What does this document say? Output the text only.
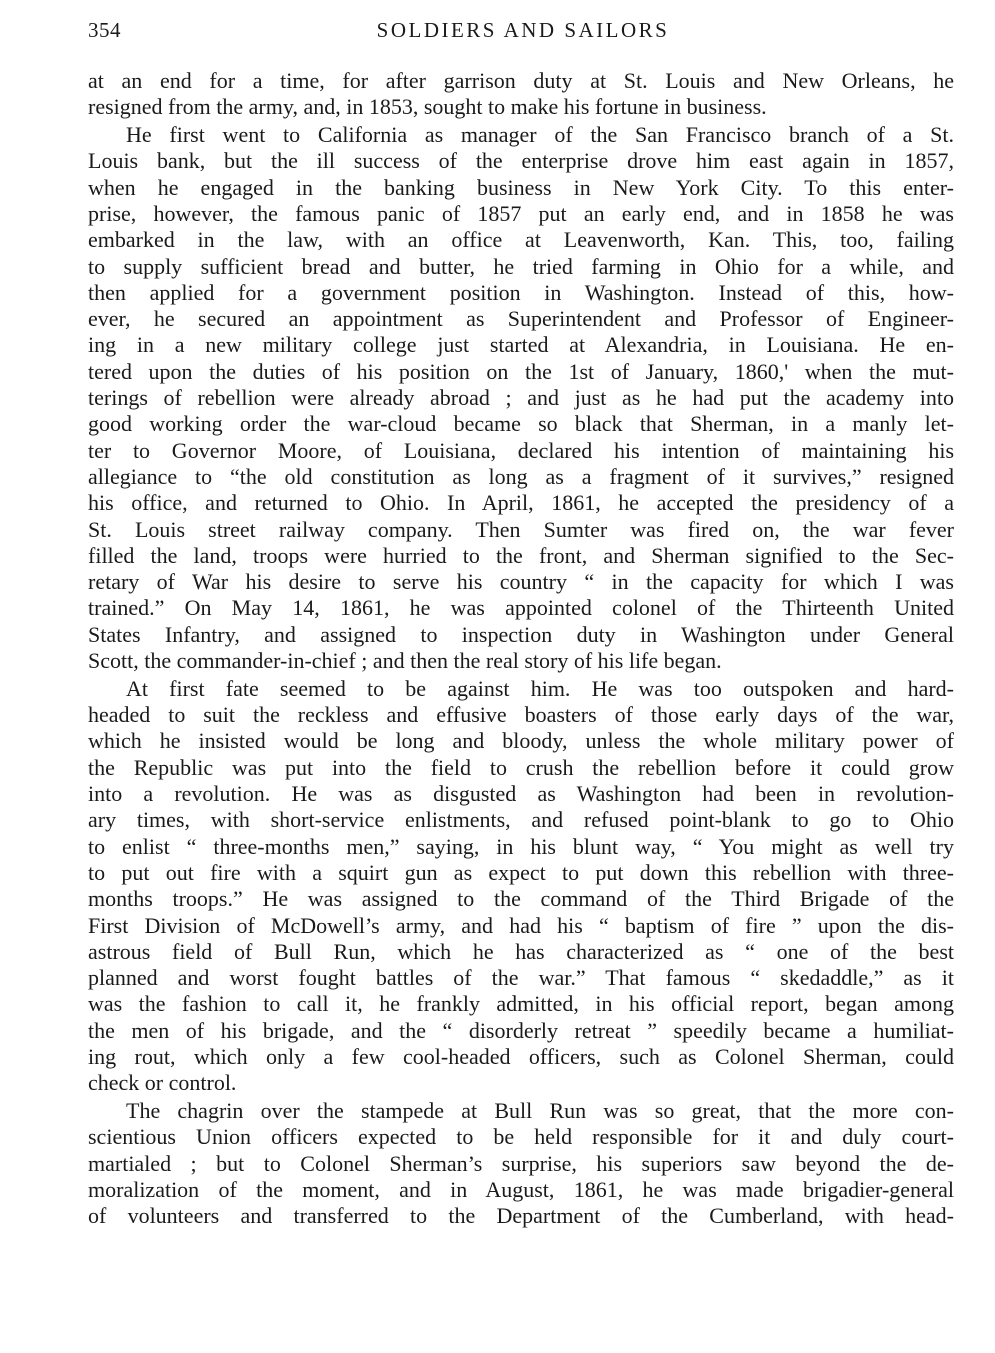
354	SOLDIERS AND SAILORS
at an end for a time, for after garrison duty at St. Louis and New Orleans, he
resigned from the army, and, in 1853, sought to make his fortune in business.
He first went to California as manager of the San Francisco branch of a St.
Louis bank, but the ill success of the enterprise drove him east again in 1857,
when he engaged in the banking business in New York City. To this enter-
prise, however, the famous panic of 1857 put an early end, and in 1858 he was
embarked in the law, with an office at Leavenworth, Kan. This, too, failing
to supply sufficient bread and butter, he tried farming in Ohio for a while, and
then applied for a government position in Washington. Instead of this, how-
ever, he secured an appointment as Superintendent and Professor of Engineer-
ing in a new military college just started at Alexandria, in Louisiana. He en-
tered upon the duties of his position on the 1st of January, 1860,' when the mut-
terings of rebellion were already abroad ; and just as he had put the academy into
good working order the war-cloud became so black that Sherman, in a manly let-
ter to Governor Moore, of Louisiana, declared his intention of maintaining his
allegiance to “the old constitution as long as a fragment of it survives,” resigned
his office, and returned to Ohio. In April, 1861, he accepted the presidency of a
St. Louis street railway company. Then Sumter was fired on, the war fever
filled the land, troops were hurried to the front, and Sherman signified to the Sec-
retary of War his desire to serve his country “ in the capacity for which I was
trained.” On May 14, 1861, he was appointed colonel of the Thirteenth United
States Infantry, and assigned to inspection duty in Washington under General
Scott, the commander-in-chief ; and then the real story of his life began.
At first fate seemed to be against him. He was too outspoken and hard-
headed to suit the reckless and effusive boasters of those early days of the war,
which he insisted would be long and bloody, unless the whole military power of
the Republic was put into the field to crush the rebellion before it could grow
into a revolution. He was as disgusted as Washington had been in revolution-
ary times, with short-service enlistments, and refused point-blank to go to Ohio
to enlist “ three-months men,” saying, in his blunt way, “ You might as well try
to put out fire with a squirt gun as expect to put down this rebellion with three-
months troops.” He was assigned to the command of the Third Brigade of the
First Division of McDowell’s army, and had his “ baptism of fire ” upon the dis-
astrous field of Bull Run, which he has characterized as “ one of the best
planned and worst fought battles of the war.” That famous “ skedaddle,” as it
was the fashion to call it, he frankly admitted, in his official report, began among
the men of his brigade, and the “ disorderly retreat ” speedily became a humiliat-
ing rout, which only a few cool-headed officers, such as Colonel Sherman, could
check or control.
The chagrin over the stampede at Bull Run was so great, that the more con-
scientious Union officers expected to be held responsible for it and duly court-
martialed ; but to Colonel Sherman’s surprise, his superiors saw beyond the de-
moralization of the moment, and in August, 1861, he was made brigadier-general
of volunteers and transferred to the Department of the Cumberland, with head-
